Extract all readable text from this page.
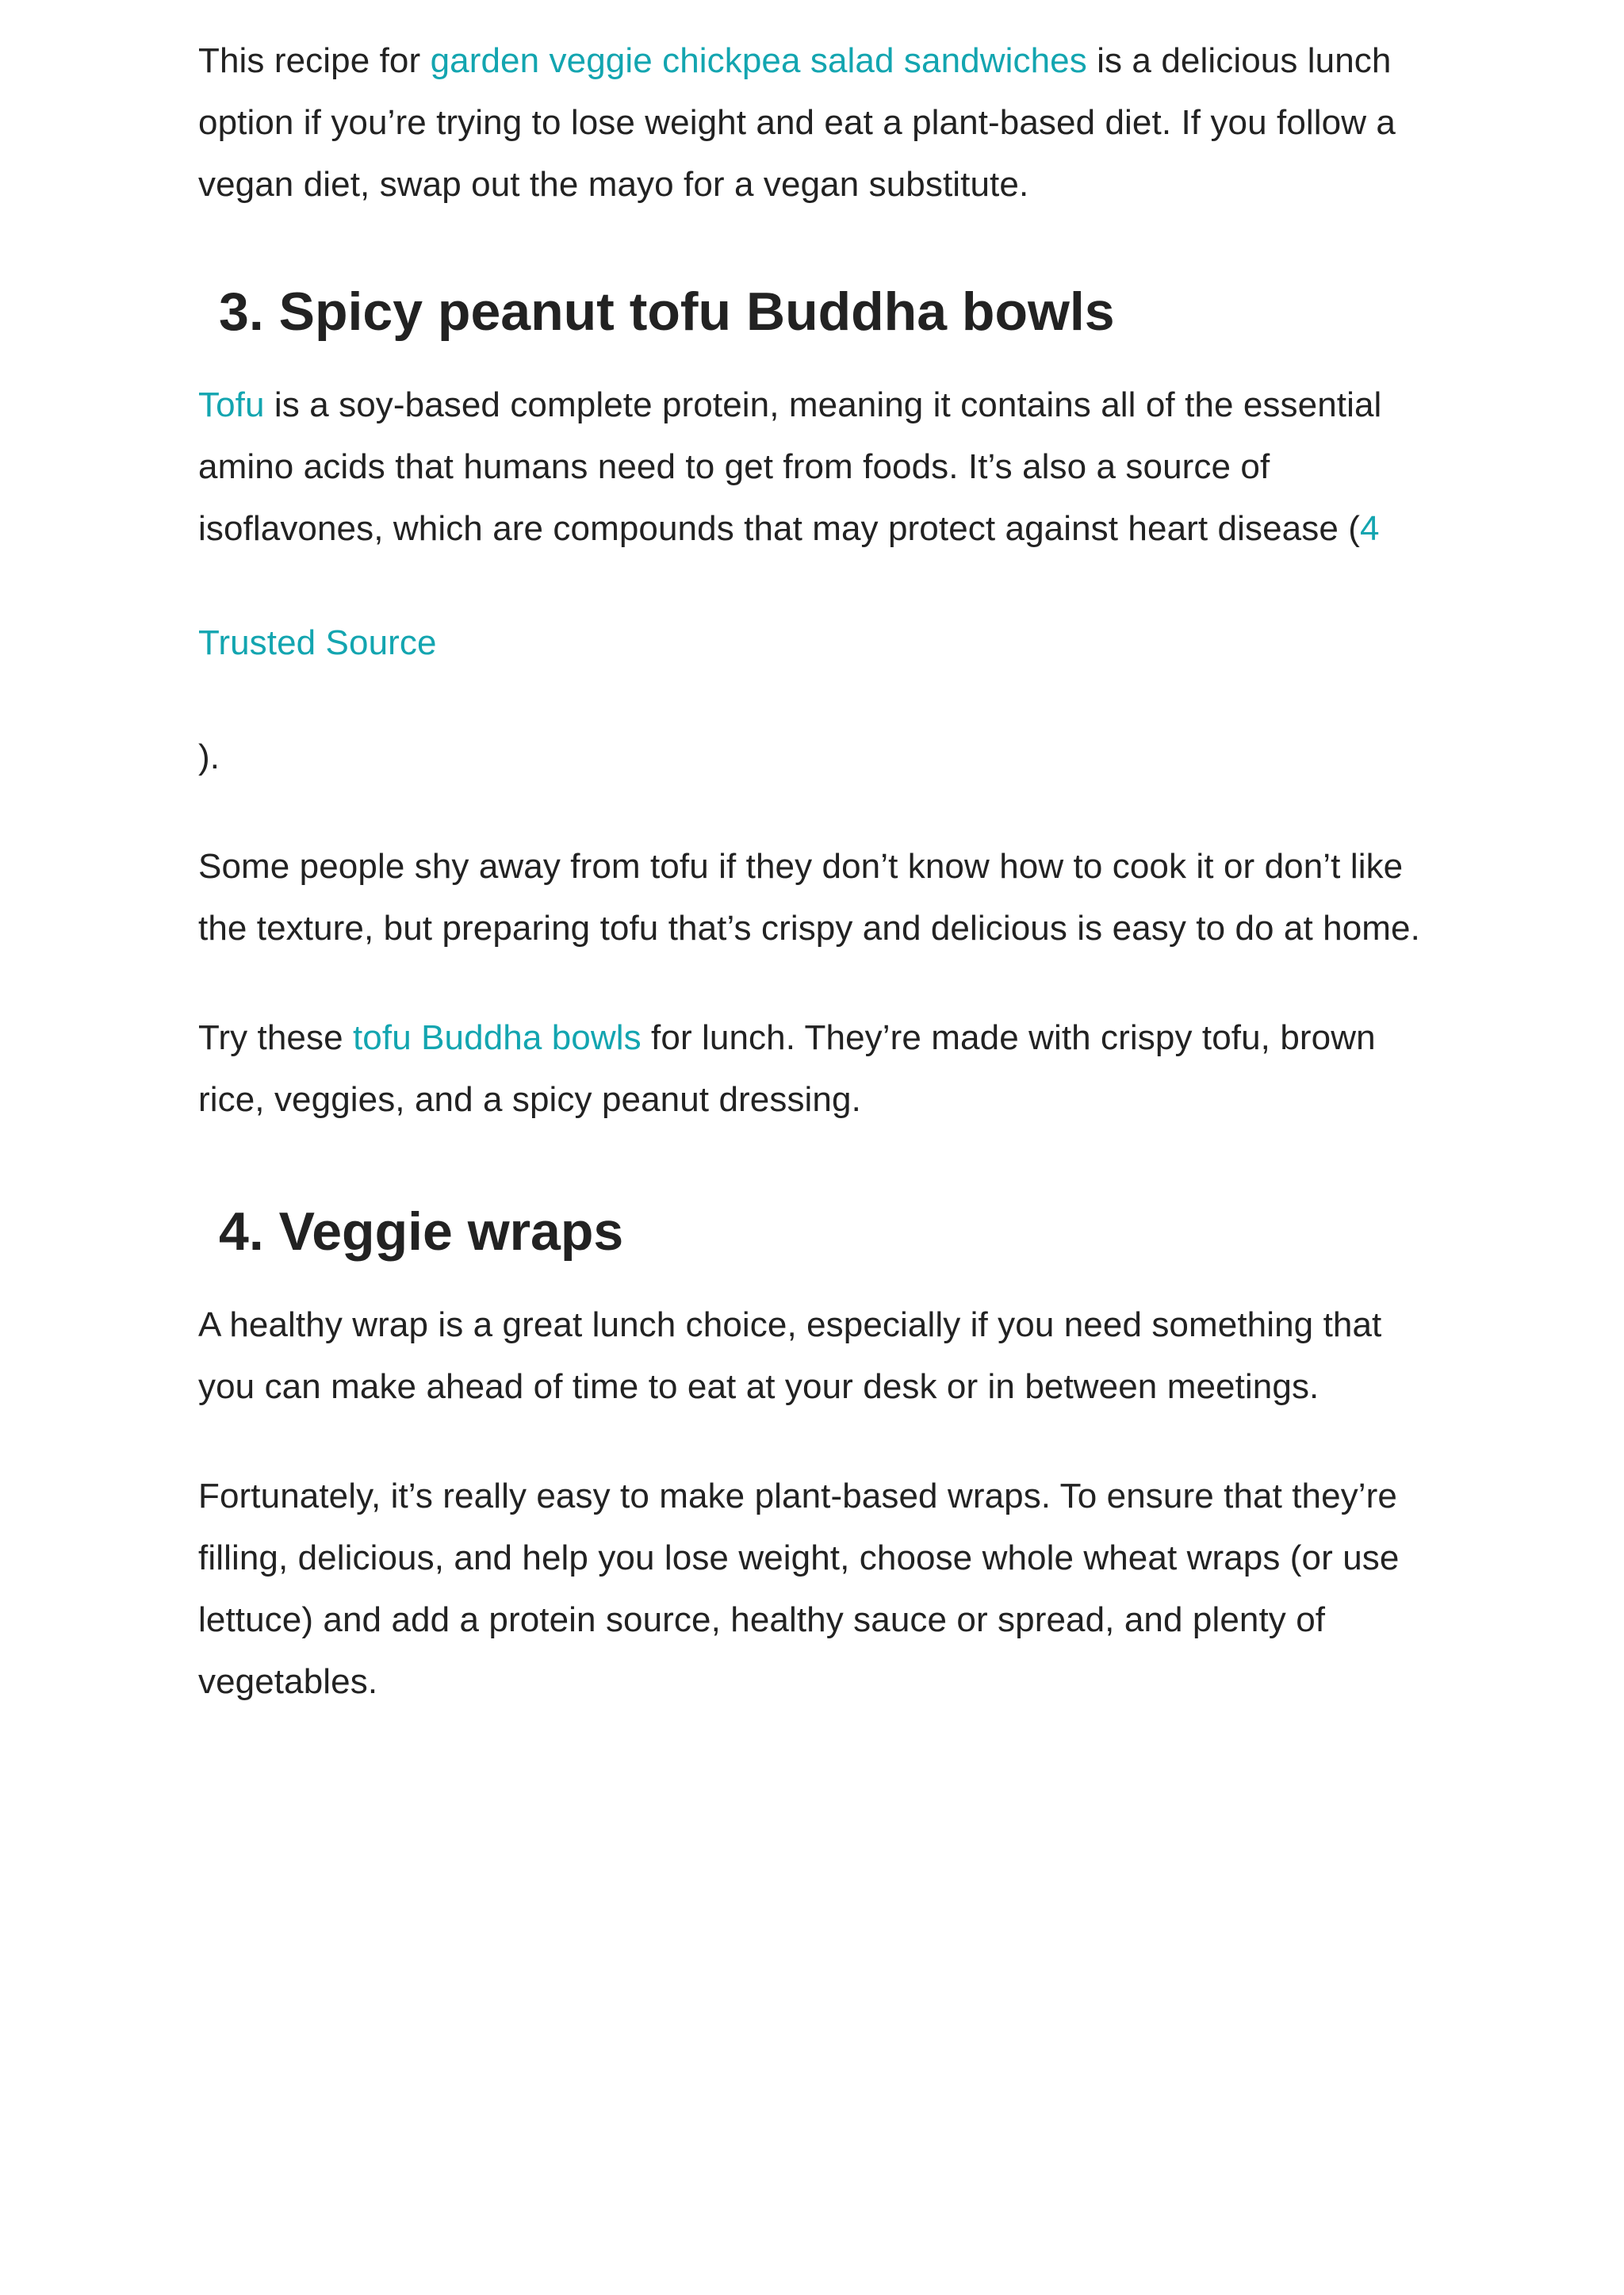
This recipe for garden veggie chickpea salad sandwiches is a delicious lunch option if you’re trying to lose weight and eat a plant-based diet. If you follow a vegan diet, swap out the mayo for a vegan substitute.

3. Spicy peanut tofu Buddha bowls

Tofu is a soy-based complete protein, meaning it contains all of the essential amino acids that humans need to get from foods. It’s also a source of isoflavones, which are compounds that may protect against heart disease (4

Trusted Source

).

Some people shy away from tofu if they don’t know how to cook it or don’t like the texture, but preparing tofu that’s crispy and delicious is easy to do at home.

Try these tofu Buddha bowls for lunch. They’re made with crispy tofu, brown rice, veggies, and a spicy peanut dressing.

4. Veggie wraps

A healthy wrap is a great lunch choice, especially if you need something that you can make ahead of time to eat at your desk or in between meetings.

Fortunately, it’s really easy to make plant-based wraps. To ensure that they’re filling, delicious, and help you lose weight, choose whole wheat wraps (or use lettuce) and add a protein source, healthy sauce or spread, and plenty of vegetables.
